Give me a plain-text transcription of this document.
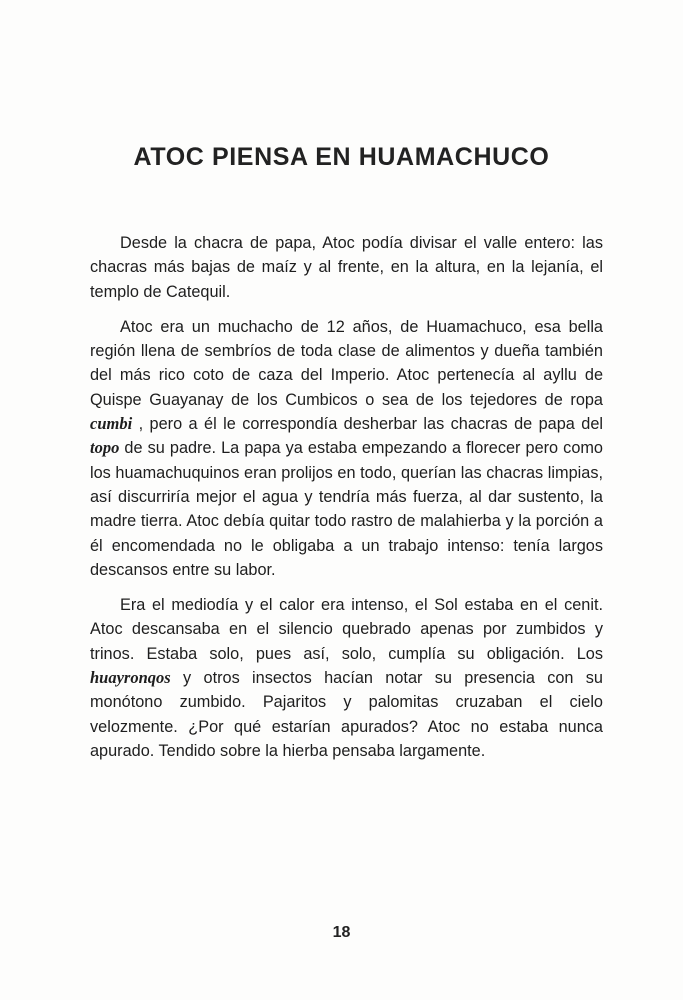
ATOC PIENSA EN HUAMACHUCO

Desde la chacra de papa, Atoc podía divisar el valle entero: las chacras más bajas de maíz y al frente, en la altura, en la lejanía, el templo de Catequil.

Atoc era un muchacho de 12 años, de Huamachuco, esa bella región llena de sembríos de toda clase de alimentos y dueña también del más rico coto de caza del Imperio. Atoc pertenecía al ayllu de Quispe Guayanay de los Cumbicos o sea de los tejedores de ropa cumbi , pero a él le correspondía desherbar las chacras de papa del topo de su padre. La papa ya estaba empezando a florecer pero como los huamachuquinos eran prolijos en todo, querían las chacras limpias, así discurriría mejor el agua y tendría más fuerza, al dar sustento, la madre tierra. Atoc debía quitar todo rastro de malahierba y la porción a él encomendada no le obligaba a un trabajo intenso: tenía largos descansos entre su labor.

Era el mediodía y el calor era intenso, el Sol estaba en el cenit. Atoc descansaba en el silencio quebrado apenas por zumbidos y trinos. Estaba solo, pues así, solo, cumplía su obligación. Los huayronqos y otros insectos hacían notar su presencia con su monótono zumbido. Pajaritos y palomitas cruzaban el cielo velozmente. ¿Por qué estarían apurados? Atoc no estaba nunca apurado. Tendido sobre la hierba pensaba largamente.

18
